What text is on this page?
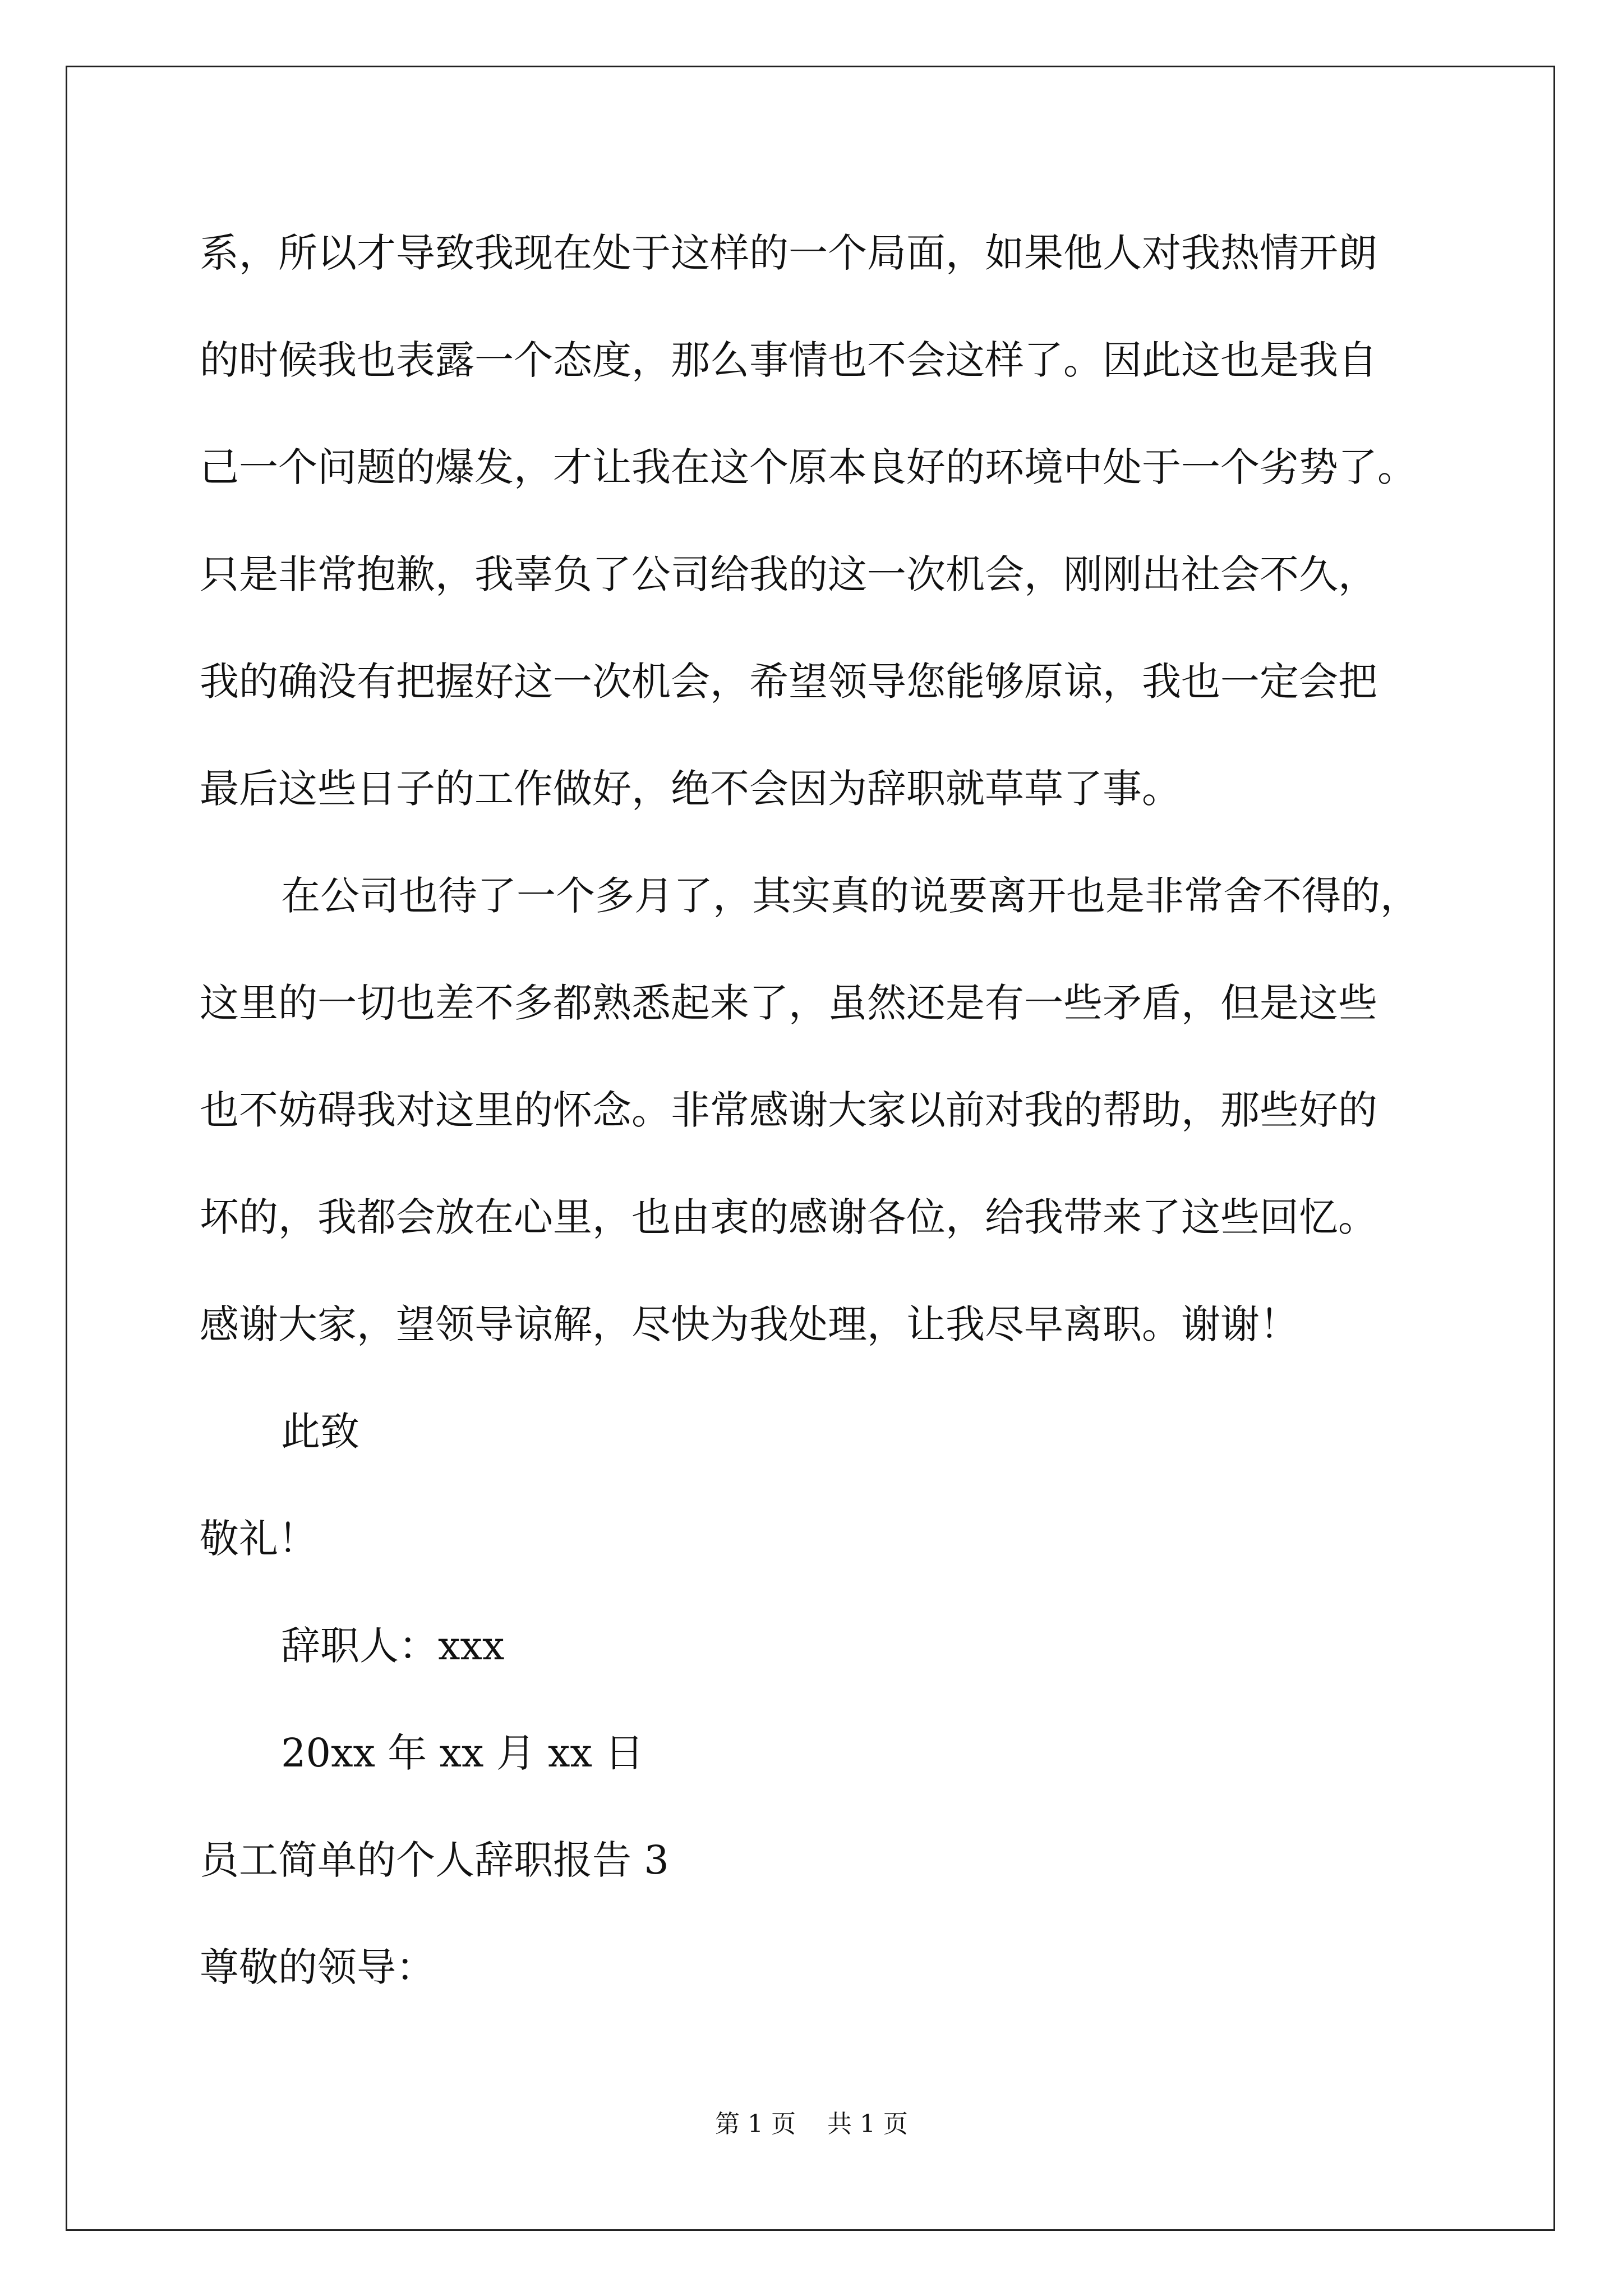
系，所以才导致我现在处于这样的一个局面，如果他人对我热情开朗
的时候我也表露一个态度，那么事情也不会这样了。因此这也是我自
己一个问题的爆发，才让我在这个原本良好的环境中处于一个劣势了。
只是非常抱歉，我辜负了公司给我的这一次机会，刚刚出社会不久，
我的确没有把握好这一次机会，希望领导您能够原谅，我也一定会把
最后这些日子的工作做好，绝不会因为辞职就草草了事。
在公司也待了一个多月了，其实真的说要离开也是非常舍不得的，
这里的一切也差不多都熟悉起来了，虽然还是有一些矛盾，但是这些
也不妨碍我对这里的怀念。非常感谢大家以前对我的帮助，那些好的
坏的，我都会放在心里，也由衷的感谢各位，给我带来了这些回忆。
感谢大家，望领导谅解，尽快为我处理，让我尽早离职。谢谢！
此致
敬礼！
辞职人：xxx
20xx 年 xx 月 xx 日
员工简单的个人辞职报告 3
尊敬的领导：
第 1 页    共 1 页
